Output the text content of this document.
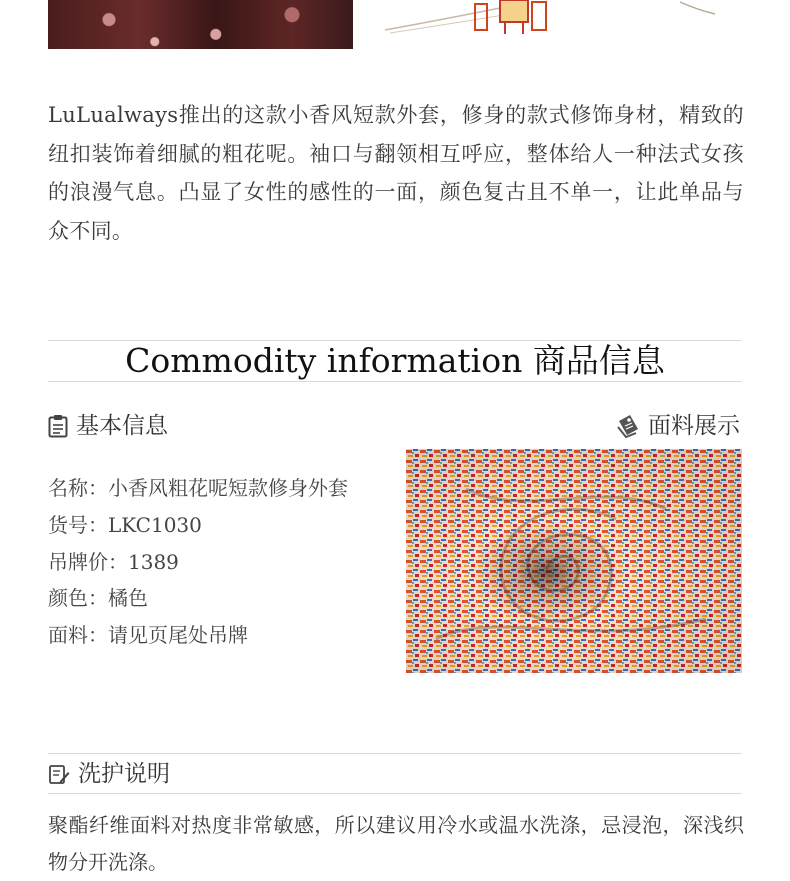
LuLualways推出的这款小香风短款外套，修身的款式修饰身材，精致的纽扣装饰着细腻的粗花呢。袖口与翻领相互呼应，整体给人一种法式女孩的浪漫气息。凸显了女性的感性的一面，颜色复古且不单一，让此单品与众不同。
Commodity information 商品信息
基本信息	面料展示
名称：小香风粗花呢短款修身外套
货号：LKC1030
吊牌价：1389
颜色：橘色
面料：请见页尾处吊牌
洗护说明
聚酯纤维面料对热度非常敏感，所以建议用冷水或温水洗涤，忌浸泡，深浅织物分开洗涤。
